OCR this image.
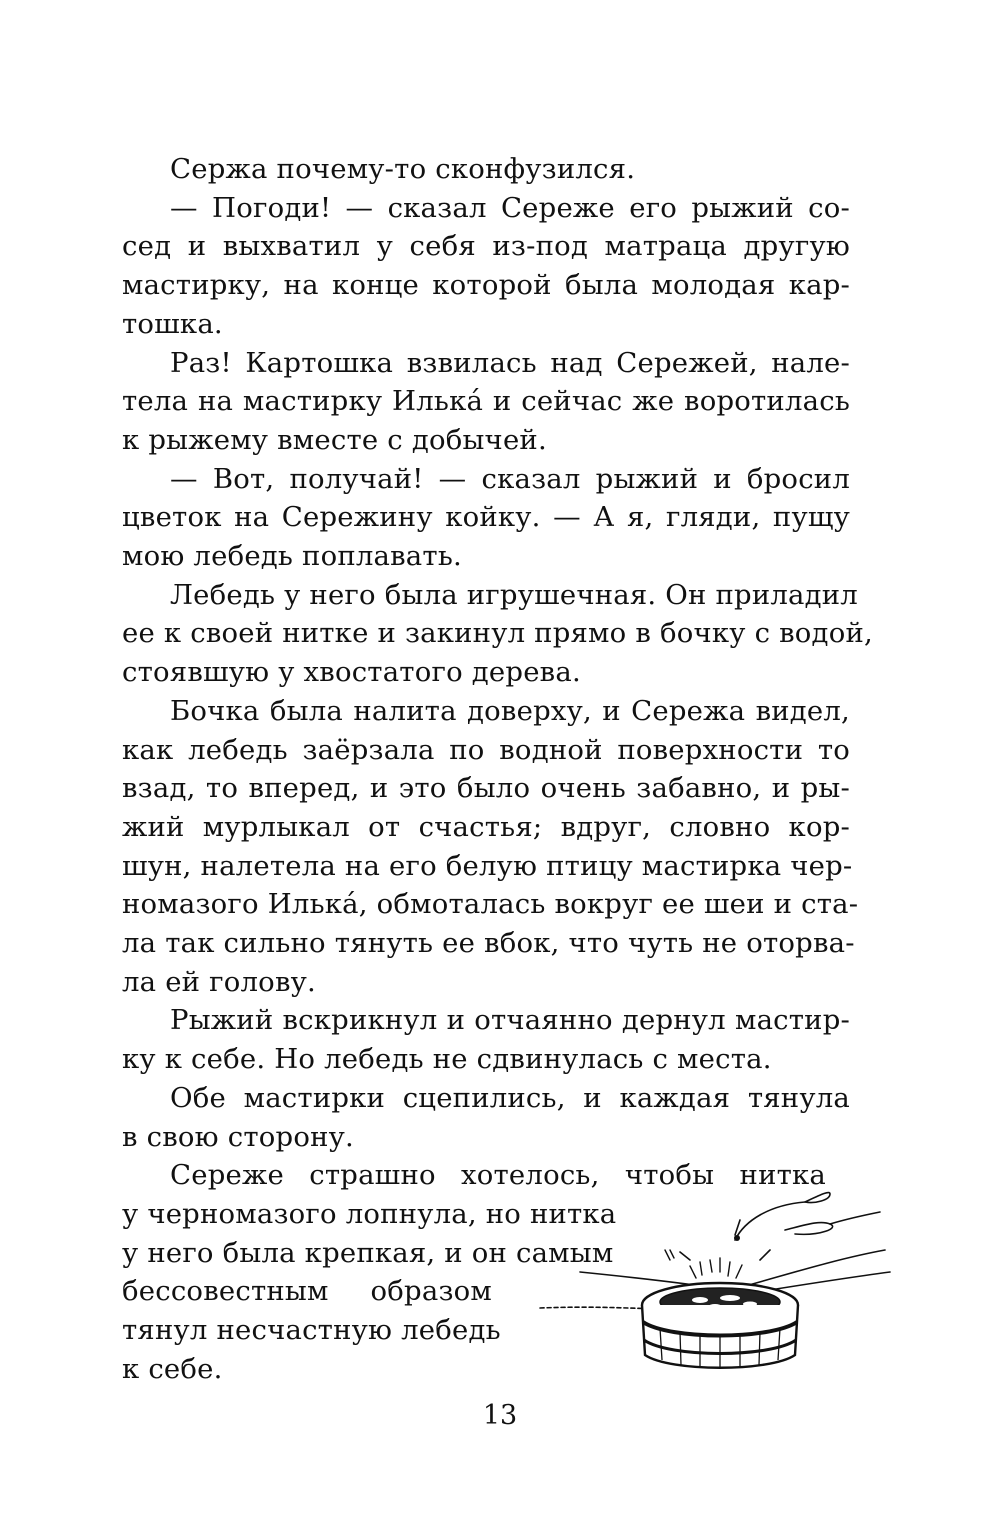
Сержа почему-то сконфузился.
— Погоди! — сказал Сереже его рыжий со-
сед и выхватил у себя из-под матраца другую
мастирку, на конце которой была молодая кар-
тошка.
Раз! Картошка взвилась над Сережей, нале-
тела на мастирку Илька́ и сейчас же воротилась
к рыжему вместе с добычей.
— Вот, получай! — сказал рыжий и бросил
цветок на Сережину койку. — А я, гляди, пущу
мою лебедь поплавать.
Лебедь у него была игрушечная. Он приладил
ее к своей нитке и закинул прямо в бочку с водой,
стоявшую у хвостатого дерева.
Бочка была налита доверху, и Сережа видел,
как лебедь заёрзала по водной поверхности то
взад, то вперед, и это было очень забавно, и ры-
жий мурлыкал от счастья; вдруг, словно кор-
шун, налетела на его белую птицу мастирка чер-
номазого Илька́, обмоталась вокруг ее шеи и ста-
ла так сильно тянуть ее вбок, что чуть не оторва-
ла ей голову.
Рыжий вскрикнул и отчаянно дернул мастир-
ку к себе. Но лебедь не сдвинулась с места.
Обе мастирки сцепились, и каждая тянула
в свою сторону.
Сереже страшно хотелось, чтобы нитка
у черномазого лопнула, но нитка
у него была крепкая, и он самым
бессовестным образом
тянул несчастную лебедь
к себе.
13
